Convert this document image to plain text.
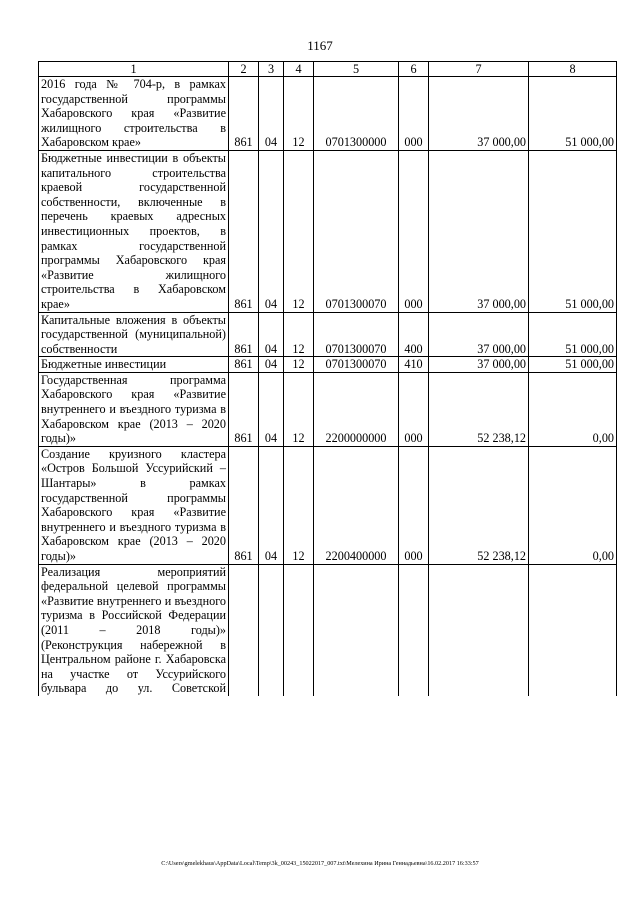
1167
1	2	3	4	5	6	7	8
2016 года № 704-р, в рамках государственной программы Хабаровского края «Развитие жилищного строительства в Хабаровском крае»	861	04	12	0701300000	000	37 000,00	51 000,00
Бюджетные инвестиции в объекты капитального строительства краевой государственной собственности, включенные в перечень краевых адресных инвестиционных проектов, в рамках государственной программы Хабаровского края «Развитие жилищного строительства в Хабаровском крае»	861	04	12	0701300070	000	37 000,00	51 000,00
Капитальные вложения в объекты государственной (муниципальной) собственности	861	04	12	0701300070	400	37 000,00	51 000,00
Бюджетные инвестиции	861	04	12	0701300070	410	37 000,00	51 000,00
Государственная программа Хабаровского края «Развитие внутреннего и въездного туризма в Хабаровском крае (2013 – 2020 годы)»	861	04	12	2200000000	000	52 238,12	0,00
Создание круизного кластера «Остров Большой Уссурийский – Шантары» в рамках государственной программы Хабаровского края «Развитие внутреннего и въездного туризма в Хабаровском крае (2013 – 2020 годы)»	861	04	12	2200400000	000	52 238,12	0,00
Реализация мероприятий федеральной целевой программы «Развитие внутреннего и въездного туризма в Российской Федерации (2011 – 2018 годы)» (Реконструкция набережной в Центральном районе г. Хабаровска на участке от Уссурийского бульвара до ул. Советской							
C:\Users\gmelekhaus\AppData\Local\Temp\3k_00243_15022017_007.txt\Мелехина Ирина Геннадьевна\16.02.2017 16:33:57
